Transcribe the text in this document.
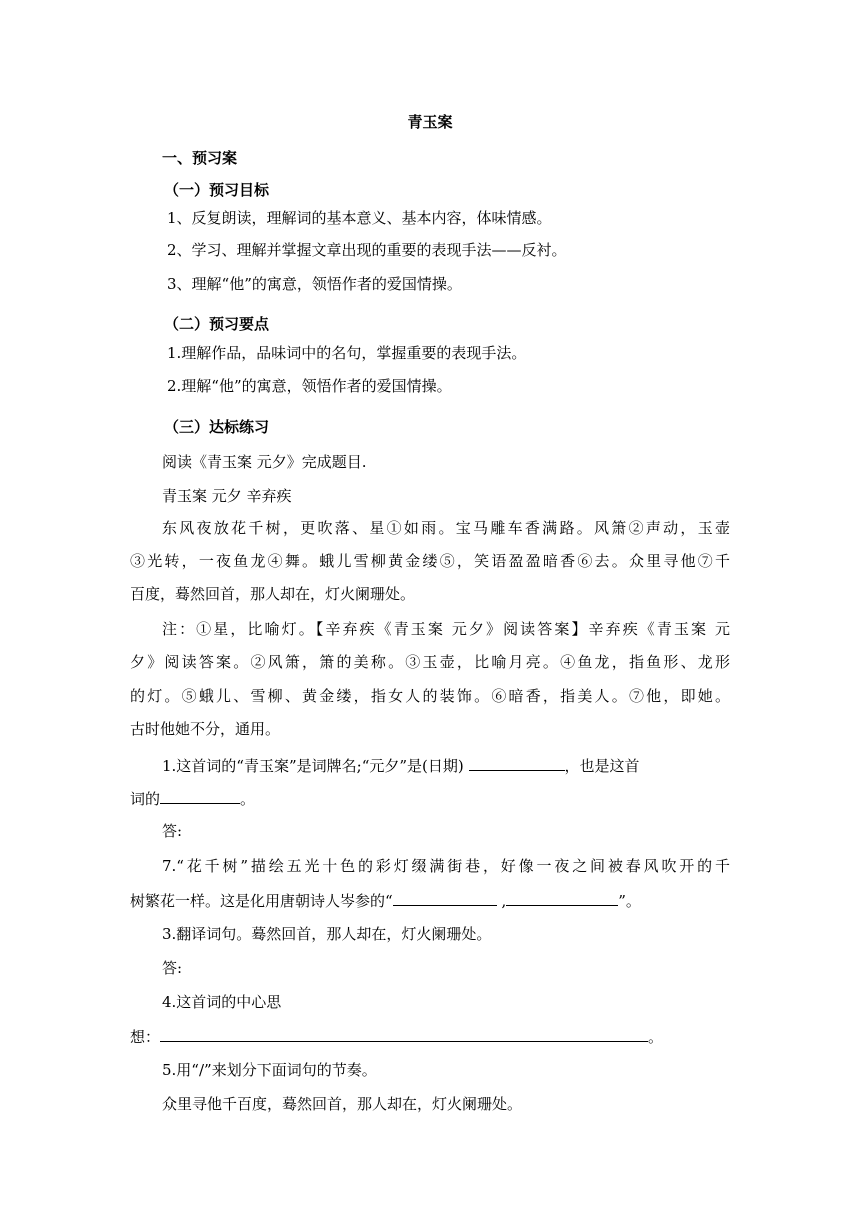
青玉案
一、预习案
（一）预习目标
1、反复朗读，理解词的基本意义、基本内容，体味情感。
2、学习、理解并掌握文章出现的重要的表现手法——反衬。
3、理解“他”的寓意，领悟作者的爱国情操。
（二）预习要点
1.理解作品，品味词中的名句，掌握重要的表现手法。
2.理解“他”的寓意，领悟作者的爱国情操。
（三）达标练习
阅读《青玉案 元夕》完成题目.
青玉案 元夕 辛弃疾
东风夜放花千树，更吹落、星①如雨。宝马雕车香满路。风箫②声动，玉壶
③光转，一夜鱼龙④舞。蛾儿雪柳黄金缕⑤，笑语盈盈暗香⑥去。众里寻他⑦千
百度，蓦然回首，那人却在，灯火阑珊处。
注：①星，比喻灯。【辛弃疾《青玉案 元夕》阅读答案】辛弃疾《青玉案 元
夕》阅读答案。②风箫，箫的美称。③玉壶，比喻月亮。④鱼龙，指鱼形、龙形
的灯。⑤蛾儿、雪柳、黄金缕，指女人的装饰。⑥暗香，指美人。⑦他，即她。
古时他她不分，通用。
1.这首词的“青玉案”是词牌名;“元夕”是(日期)	，也是这首
词的	。
答:
7.“花千树”描绘五光十色的彩灯缀满街巷，好像一夜之间被春风吹开的千
树繁花一样。这是化用唐朝诗人岑参的“	,	”。
3.翻译词句。蓦然回首，那人却在，灯火阑珊处。
答:
4.这首词的中心思
想：	。
5.用“/”来划分下面词句的节奏。
众里寻他千百度，蓦然回首，那人却在，灯火阑珊处。
